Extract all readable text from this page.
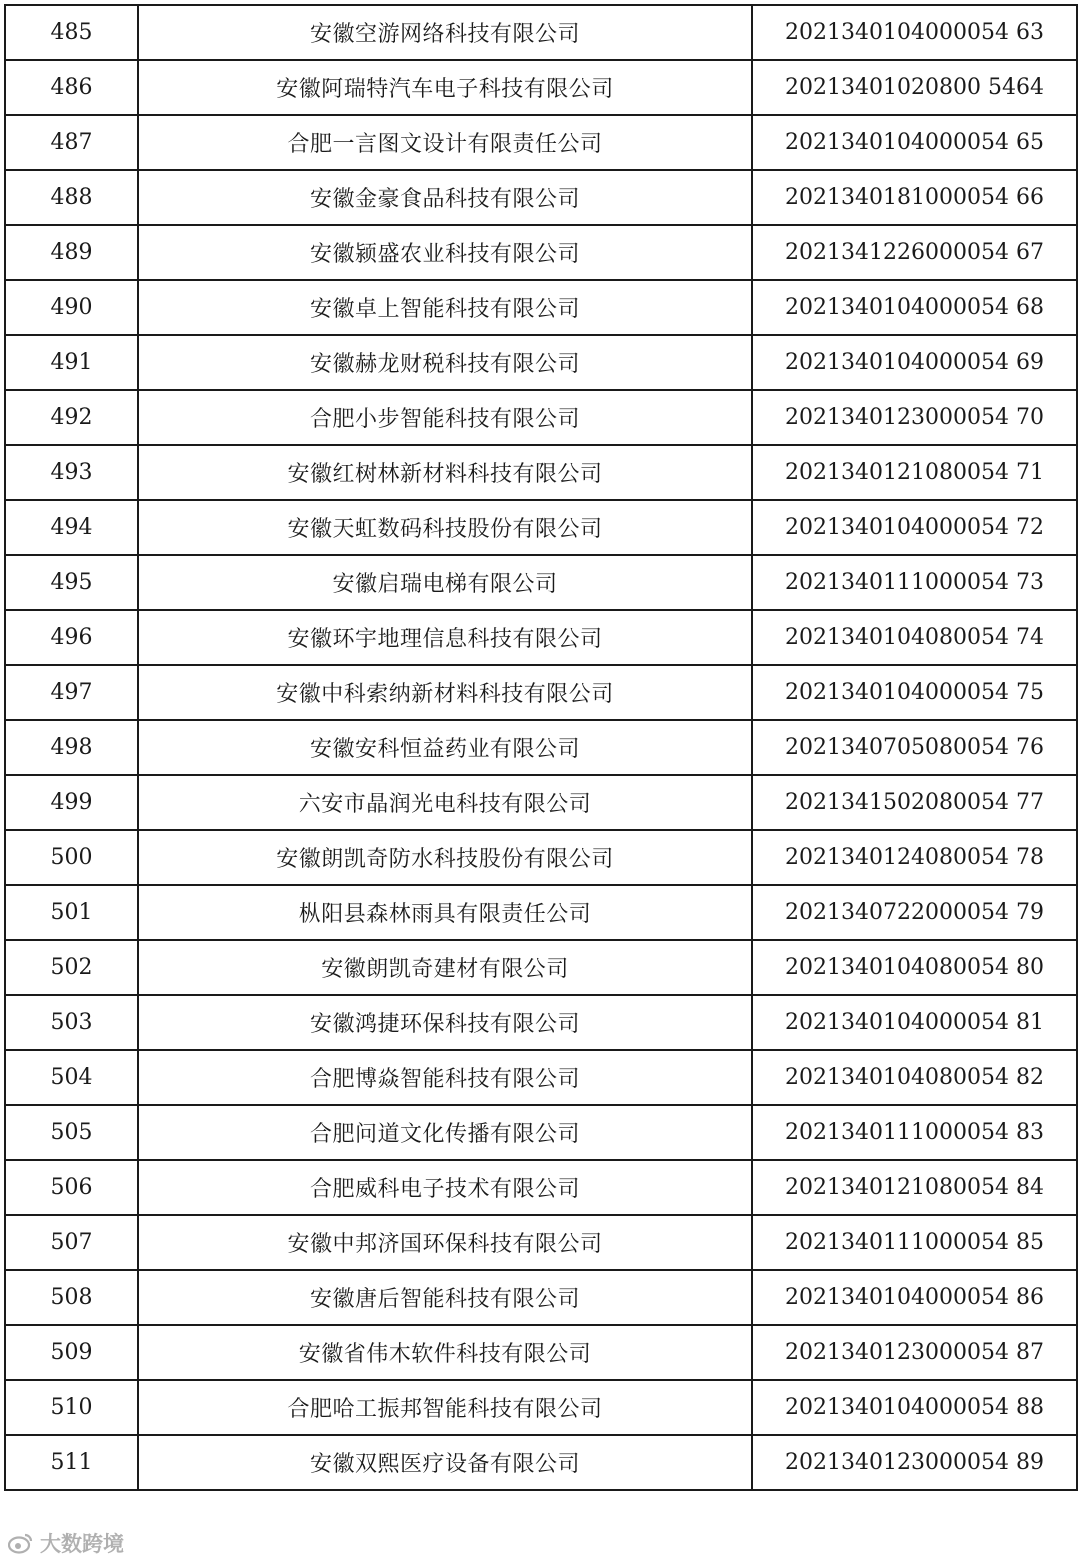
485	安徽空游网络科技有限公司	2021340104000054 63
486	安徽阿瑞特汽车电子科技有限公司	20213401020800 5464
487	合肥一言图文设计有限责任公司	2021340104000054 65
488	安徽金豪食品科技有限公司	2021340181000054 66
489	安徽颍盛农业科技有限公司	2021341226000054 67
490	安徽卓上智能科技有限公司	2021340104000054 68
491	安徽赫龙财税科技有限公司	2021340104000054 69
492	合肥小步智能科技有限公司	2021340123000054 70
493	安徽红树林新材料科技有限公司	2021340121080054 71
494	安徽天虹数码科技股份有限公司	2021340104000054 72
495	安徽启瑞电梯有限公司	2021340111000054 73
496	安徽环宇地理信息科技有限公司	2021340104080054 74
497	安徽中科索纳新材料科技有限公司	2021340104000054 75
498	安徽安科恒益药业有限公司	2021340705080054 76
499	六安市晶润光电科技有限公司	2021341502080054 77
500	安徽朗凯奇防水科技股份有限公司	2021340124080054 78
501	枞阳县森林雨具有限责任公司	2021340722000054 79
502	安徽朗凯奇建材有限公司	2021340104080054 80
503	安徽鸿捷环保科技有限公司	2021340104000054 81
504	合肥博焱智能科技有限公司	2021340104080054 82
505	合肥问道文化传播有限公司	2021340111000054 83
506	合肥威科电子技术有限公司	2021340121080054 84
507	安徽中邦济国环保科技有限公司	2021340111000054 85
508	安徽唐后智能科技有限公司	2021340104000054 86
509	安徽省伟木软件科技有限公司	2021340123000054 87
510	合肥哈工振邦智能科技有限公司	2021340104000054 88
511	安徽双熙医疗设备有限公司	2021340123000054 89
大数跨境
